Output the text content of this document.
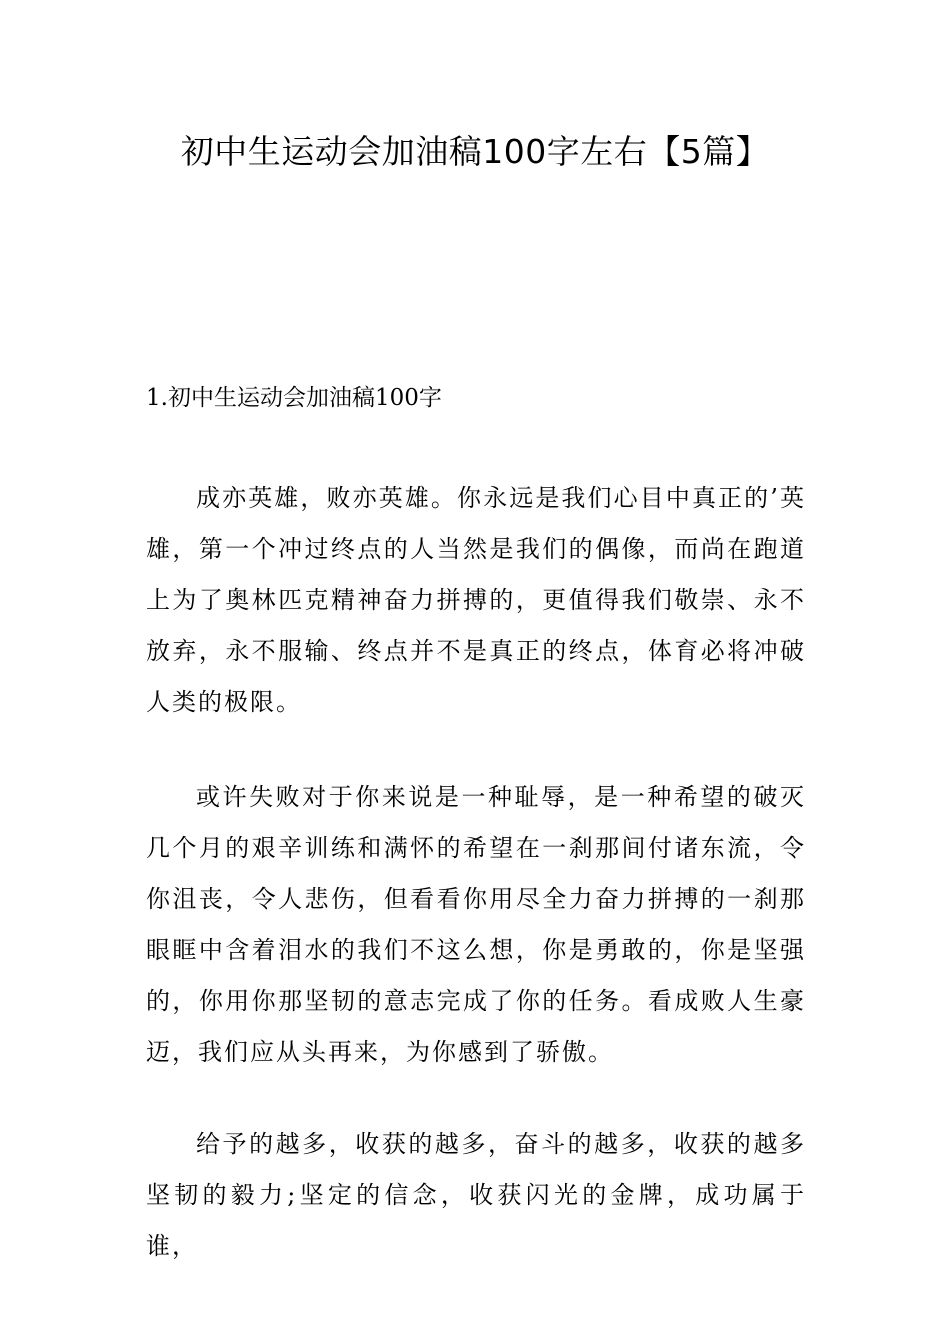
初中生运动会加油稿100字左右【5篇】
1.初中生运动会加油稿100字

成亦英雄，败亦英雄。你永远是我们心目中真正的’英雄，第一个冲过终点的人当然是我们的偶像，而尚在跑道上为了奥林匹克精神奋力拼搏的，更值得我们敬崇、永不放弃，永不服输、终点并不是真正的终点，体育必将冲破人类的极限。

或许失败对于你来说是一种耻辱，是一种希望的破灭几个月的艰辛训练和满怀的希望在一刹那间付诸东流，令你沮丧，令人悲伤，但看看你用尽全力奋力拼搏的一刹那眼眶中含着泪水的我们不这么想，你是勇敢的，你是坚强的，你用你那坚韧的意志完成了你的任务。看成败人生豪迈，我们应从头再来，为你感到了骄傲。

给予的越多，收获的越多，奋斗的越多，收获的越多坚韧的毅力;坚定的信念，收获闪光的金牌，成功属于谁，
